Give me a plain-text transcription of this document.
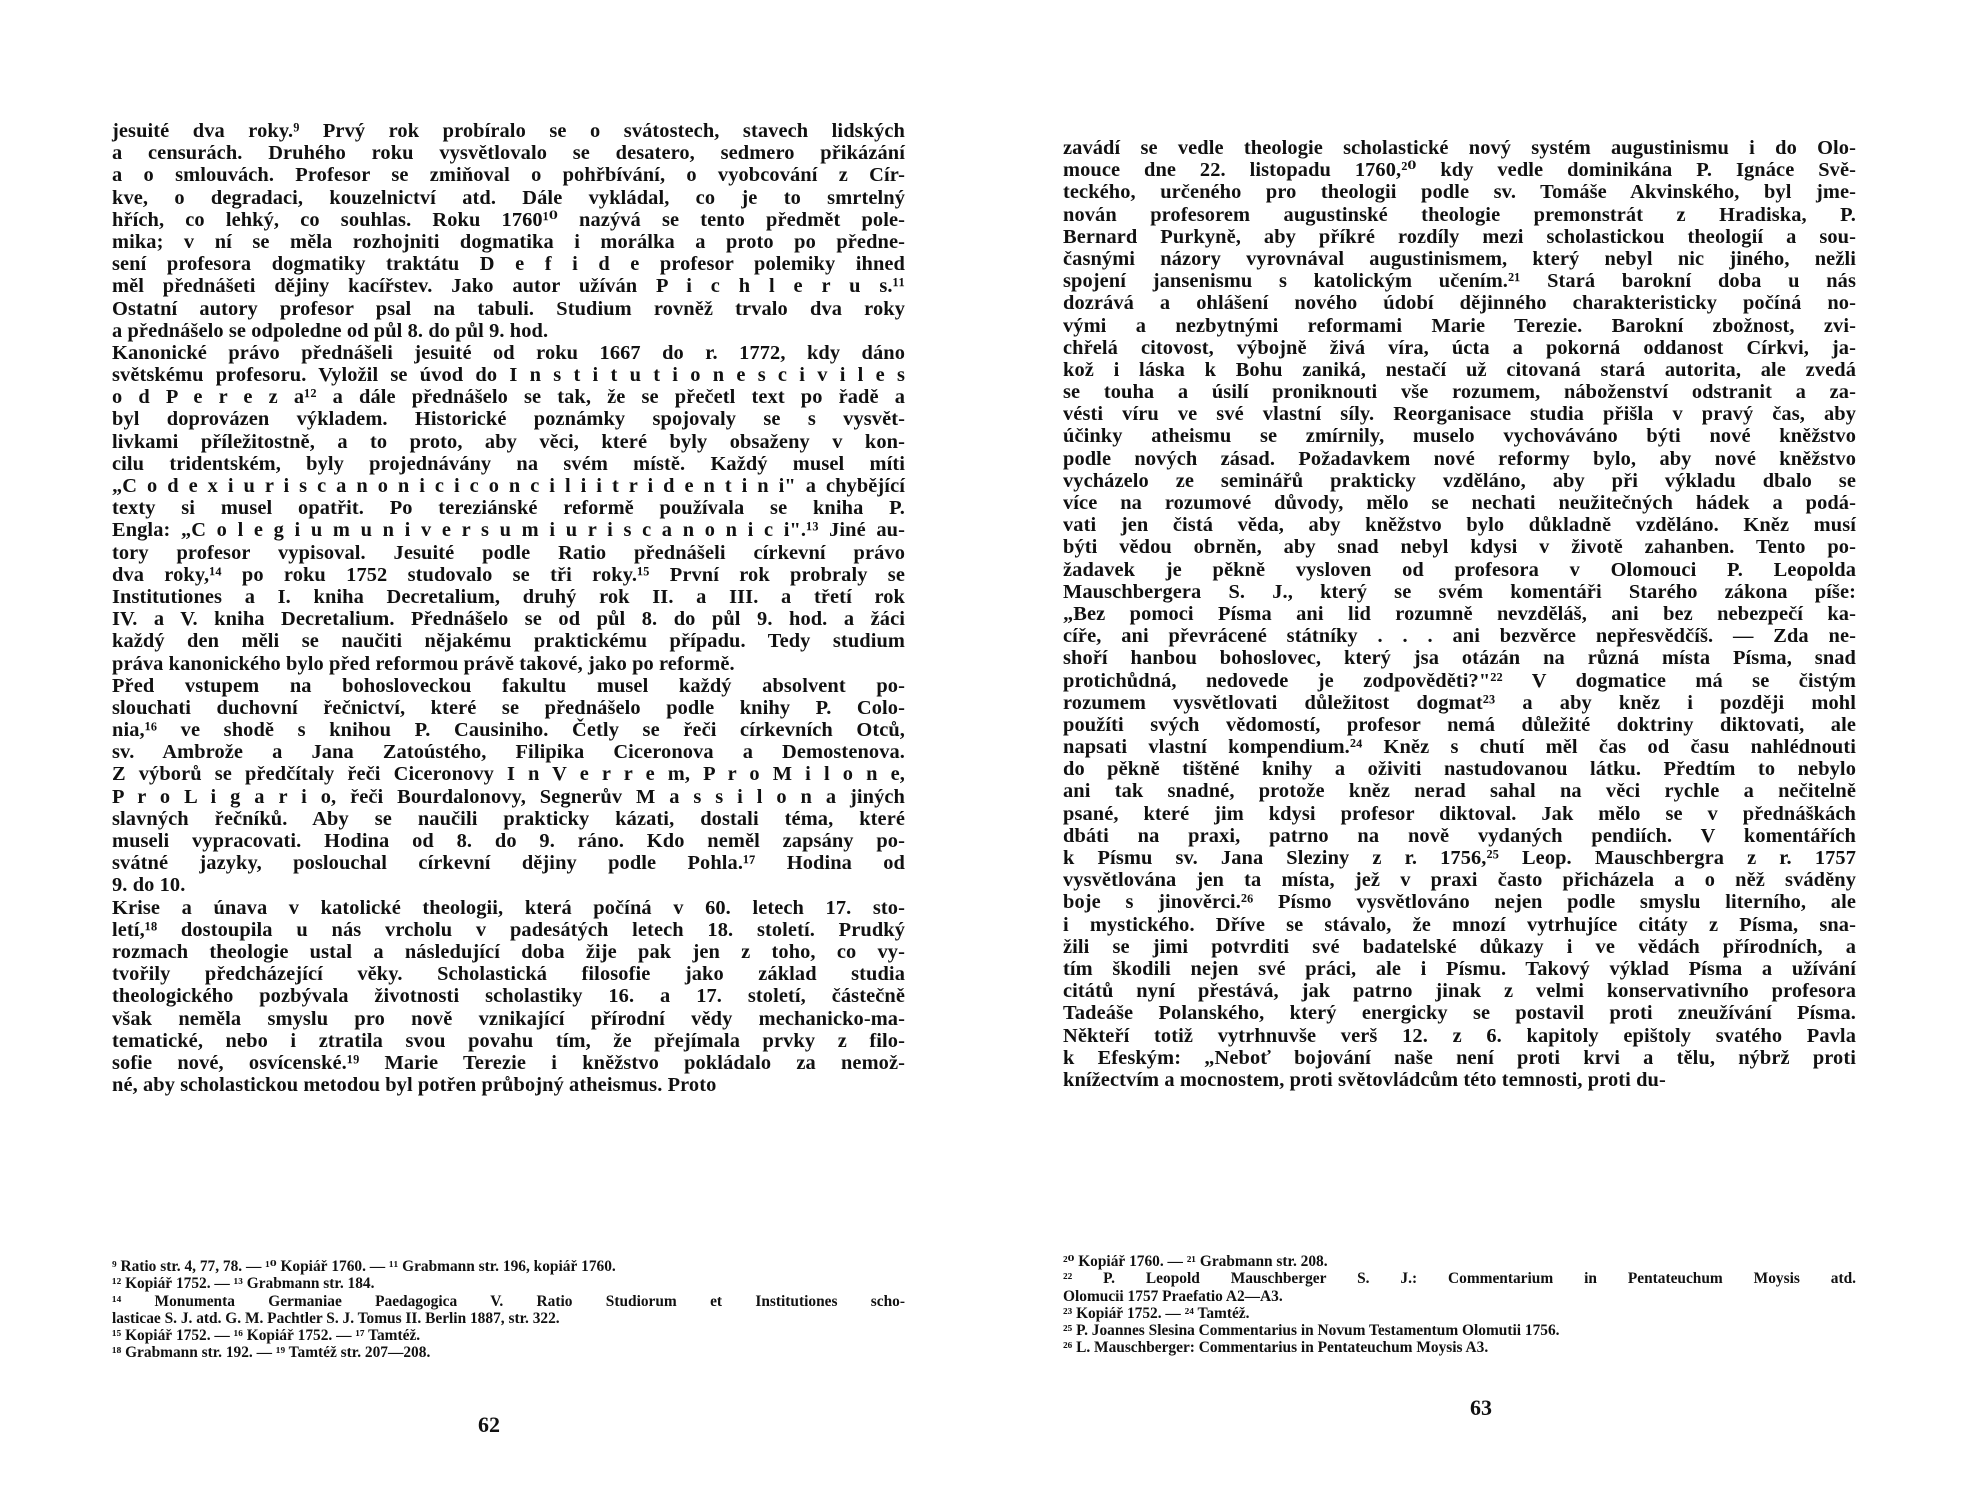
jesuité dva roky.⁹ Prvý rok probíralo se o svátostech, stavech lidských
a censurách. Druhého roku vysvětlovalo se desatero, sedmero přikázání
a o smlouvách. Profesor se zmiňoval o pohřbívání, o vyobcování z Cír-
kve, o degradaci, kouzelnictví atd. Dále vykládal, co je to smrtelný
hřích, co lehký, co souhlas. Roku 1760¹⁰ nazývá se tento předmět pole-
mika; v ní se měla rozhojniti dogmatika i morálka a proto po předne-
sení profesora dogmatiky traktátu D e f i d e profesor polemiky ihned
měl přednášeti dějiny kacířstev. Jako autor užíván P i c h l e r u s.¹¹
Ostatní autory profesor psal na tabuli. Studium rovněž trvalo dva roky
a přednášelo se odpoledne od půl 8. do půl 9. hod.
Kanonické právo přednášeli jesuité od roku 1667 do r. 1772, kdy dáno
světskému profesoru. Vyložil se úvod do I n s t i t u t i o n e s c i v i l e s
o d P e r e z a¹² a dále přednášelo se tak, že se přečetl text po řadě a
byl doprovázen výkladem. Historické poznámky spojovaly se s vysvět-
livkami příležitostně, a to proto, aby věci, které byly obsaženy v kon-
cilu tridentském, byly projednávány na svém místě. Každý musel míti
„C o d e x i u r i s c a n o n i c i c o n c i l i i t r i d e n t i n i" a chybějící
texty si musel opatřit. Po tereziánské reformě používala se kniha P.
Engla: „C o l e g i u m u n i v e r s u m i u r i s c a n o n i c i".¹³ Jiné au-
tory profesor vypisoval. Jesuité podle Ratio přednášeli církevní právo
dva roky,¹⁴ po roku 1752 studovalo se tři roky.¹⁵ První rok probraly se
Institutiones a I. kniha Decretalium, druhý rok II. a III. a třetí rok
IV. a V. kniha Decretalium. Přednášelo se od půl 8. do půl 9. hod. a žáci
každý den měli se naučiti nějakému praktickému případu. Tedy studium
práva kanonického bylo před reformou právě takové, jako po reformě.
Před vstupem na bohosloveckou fakultu musel každý absolvent po-
slouchati duchovní řečnictví, které se přednášelo podle knihy P. Colo-
nia,¹⁶ ve shodě s knihou P. Causiniho. Četly se řeči církevních Otců,
sv. Ambrože a Jana Zatoústého, Filipika Ciceronova a Demostenova.
Z výborů se předčítaly řeči Ciceronovy I n V e r r e m, P r o M i l o n e,
P r o L i g a r i o, řeči Bourdalonovy, Segnerův M a s s i l o n a jiných
slavných řečníků. Aby se naučili prakticky kázati, dostali téma, které
museli vypracovati. Hodina od 8. do 9. ráno. Kdo neměl zapsány po-
svátné jazyky, poslouchal církevní dějiny podle Pohla.¹⁷ Hodina od
9. do 10.
Krise a únava v katolické theologii, která počíná v 60. letech 17. sto-
letí,¹⁸ dostoupila u nás vrcholu v padesátých letech 18. století. Prudký
rozmach theologie ustal a následující doba žije pak jen z toho, co vy-
tvořily předcházející věky. Scholastická filosofie jako základ studia
theologického pozbývala životnosti scholastiky 16. a 17. století, částečně
však neměla smyslu pro nově vznikající přírodní vědy mechanicko-ma-
tematické, nebo i ztratila svou povahu tím, že přejímala prvky z filo-
sofie nové, osvícenské.¹⁹ Marie Terezie i kněžstvo pokládalo za nemož-
né, aby scholastickou metodou byl potřen průbojný atheismus. Proto
⁹ Ratio str. 4, 77, 78. — ¹⁰ Kopiář 1760. — ¹¹ Grabmann str. 196, kopiář 1760.
¹² Kopiář 1752. — ¹³ Grabmann str. 184.
¹⁴ Monumenta Germaniae Paedagogica V. Ratio Studiorum et Institutiones scho-
lasticae S. J. atd. G. M. Pachtler S. J. Tomus II. Berlin 1887, str. 322.
¹⁵ Kopiář 1752. — ¹⁶ Kopiář 1752. — ¹⁷ Tamtéž.
¹⁸ Grabmann str. 192. — ¹⁹ Tamtéž str. 207—208.
62
zavádí se vedle theologie scholastické nový systém augustinismu i do Olo-
mouce dne 22. listopadu 1760,²⁰ kdy vedle dominikána P. Ignáce Svě-
teckého, určeného pro theologii podle sv. Tomáše Akvinského, byl jme-
nován profesorem augustinské theologie premonstrát z Hradiska, P.
Bernard Purkyně, aby příkré rozdíly mezi scholastickou theologií a sou-
časnými názory vyrovnával augustinismem, který nebyl nic jiného, nežli
spojení jansenismu s katolickým učením.²¹ Stará barokní doba u nás
dozrává a ohlášení nového údobí dějinného charakteristicky počíná no-
vými a nezbytnými reformami Marie Terezie. Barokní zbožnost, zvi-
chřelá citovost, výbojně živá víra, úcta a pokorná oddanost Církvi, ja-
kož i láska k Bohu zaniká, nestačí už citovaná stará autorita, ale zvedá
se touha a úsilí proniknouti vše rozumem, náboženství odstranit a za-
vésti víru ve své vlastní síly. Reorganisace studia přišla v pravý čas, aby
účinky atheismu se zmírnily, muselo vychováváno býti nové kněžstvo
podle nových zásad. Požadavkem nové reformy bylo, aby nové kněžstvo
vycházelo ze seminářů prakticky vzděláno, aby při výkladu dbalo se
více na rozumové důvody, mělo se nechati neužitečných hádek a podá-
vati jen čistá věda, aby kněžstvo bylo důkladně vzděláno. Kněz musí
býti vědou obrněn, aby snad nebyl kdysi v životě zahanben. Tento po-
žadavek je pěkně vysloven od profesora v Olomouci P. Leopolda
Mauschbergera S. J., který se svém komentáři Starého zákona píše:
„Bez pomoci Písma ani lid rozumně nevzděláš, ani bez nebezpečí ka-
cíře, ani převrácené státníky . . . ani bezvěrce nepřesvědčíš. — Zda ne-
shoří hanbou bohoslovec, který jsa otázán na různá místa Písma, snad
protichůdná, nedovede je zodpověděti?"²² V dogmatice má se čistým
rozumem vysvětlovati důležitost dogmat²³ a aby kněz i později mohl
použíti svých vědomostí, profesor nemá důležité doktriny diktovati, ale
napsati vlastní kompendium.²⁴ Kněz s chutí měl čas od času nahlédnouti
do pěkně tištěné knihy a oživiti nastudovanou látku. Předtím to nebylo
ani tak snadné, protože kněz nerad sahal na věci rychle a nečitelně
psané, které jim kdysi profesor diktoval. Jak mělo se v přednáškách
dbáti na praxi, patrno na nově vydaných pendiích. V komentářích
k Písmu sv. Jana Sleziny z r. 1756,²⁵ Leop. Mauschbergra z r. 1757
vysvětlována jen ta místa, jež v praxi často přicházela a o něž sváděny
boje s jinověrci.²⁶ Písmo vysvětlováno nejen podle smyslu literního, ale
i mystického. Dříve se stávalo, že mnozí vytrhujíce citáty z Písma, sna-
žili se jimi potvrditi své badatelské důkazy i ve vědách přírodních, a
tím škodili nejen své práci, ale i Písmu. Takový výklad Písma a užívání
citátů nyní přestává, jak patrno jinak z velmi konservativního profesora
Tadeáše Polanského, který energicky se postavil proti zneužívání Písma.
Někteří totiž vytrhnuvše verš 12. z 6. kapitoly epištoly svatého Pavla
k Efeským: „Neboť bojování naše není proti krvi a tělu, nýbrž proti
knížectvím a mocnostem, proti světovládcům této temnosti, proti du-
²⁰ Kopiář 1760. — ²¹ Grabmann str. 208.
²² P. Leopold Mauschberger S. J.: Commentarium in Pentateuchum Moysis atd.
Olomucii 1757 Praefatio A2—A3.
²³ Kopiář 1752. — ²⁴ Tamtéž.
²⁵ P. Joannes Slesina Commentarius in Novum Testamentum Olomutii 1756.
²⁶ L. Mauschberger: Commentarius in Pentateuchum Moysis A3.
63
